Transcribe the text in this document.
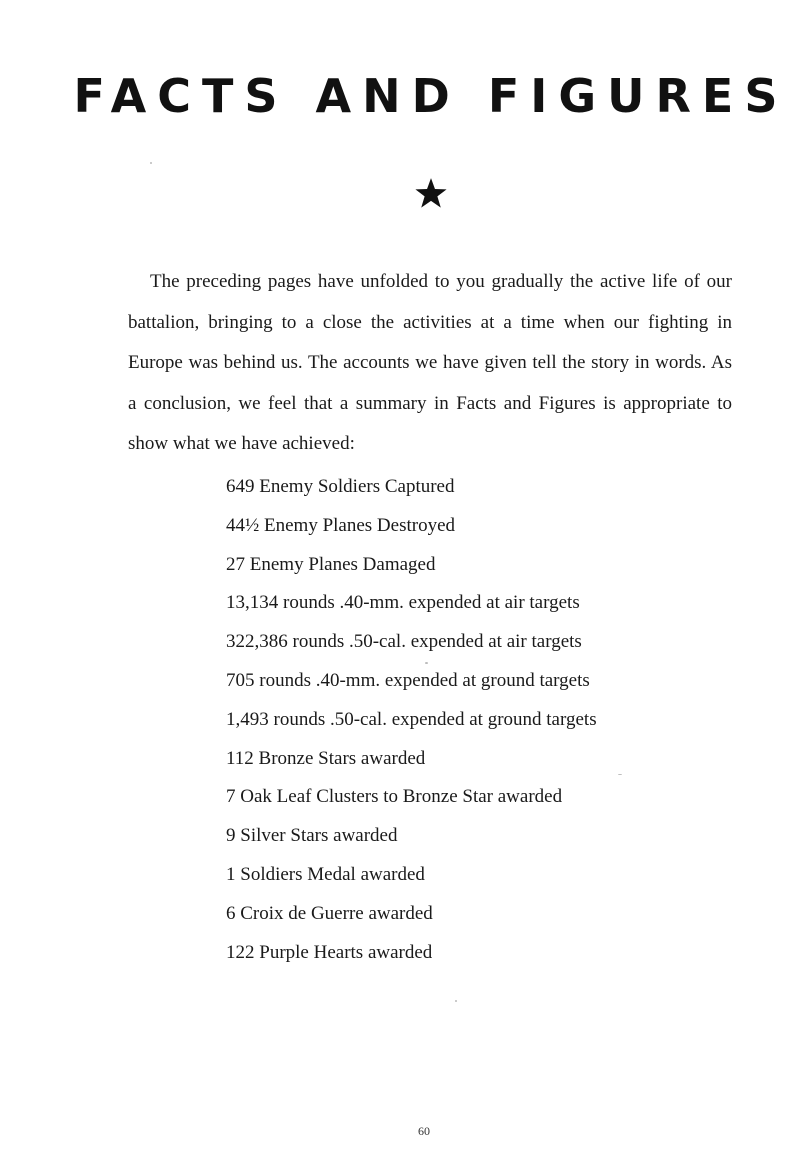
FACTS AND FIGURES

The preceding pages have unfolded to you gradually the active life of our battalion, bringing to a close the activities at a time when our fighting in Europe was behind us. The accounts we have given tell the story in words. As a conclusion, we feel that a summary in Facts and Figures is appropriate to show what we have achieved:

649 Enemy Soldiers Captured
44½ Enemy Planes Destroyed
27 Enemy Planes Damaged
13,134 rounds .40-mm. expended at air targets
322,386 rounds .50-cal. expended at air targets
705 rounds .40-mm. expended at ground targets
1,493 rounds .50-cal. expended at ground targets
112 Bronze Stars awarded
7 Oak Leaf Clusters to Bronze Star awarded
9 Silver Stars awarded
1 Soldiers Medal awarded
6 Croix de Guerre awarded
122 Purple Hearts awarded
60
